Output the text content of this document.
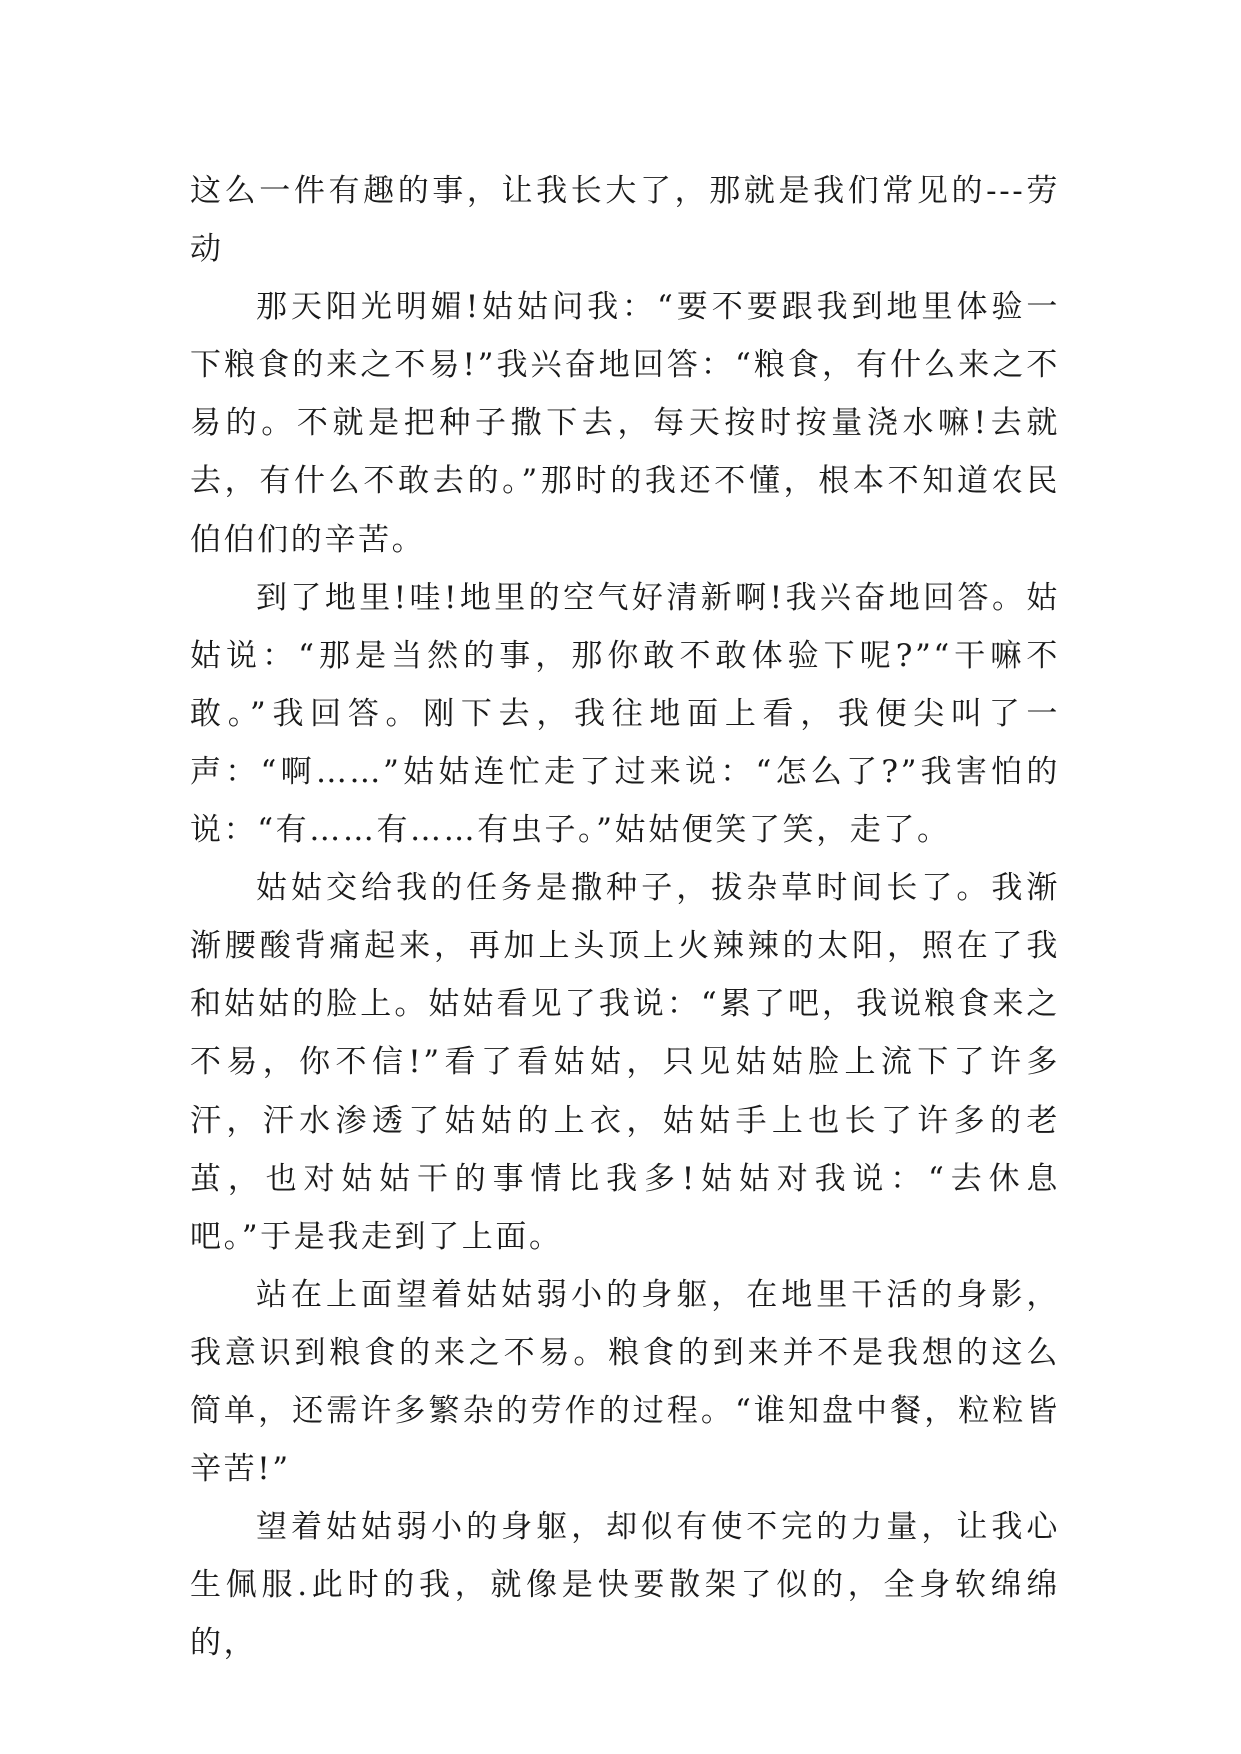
这么一件有趣的事，让我长大了，那就是我们常见的---劳动

那天阳光明媚!姑姑问我：“要不要跟我到地里体验一下粮食的来之不易!”我兴奋地回答：“粮食，有什么来之不易的。不就是把种子撒下去，每天按时按量浇水嘛!去就去，有什么不敢去的。”那时的我还不懂，根本不知道农民伯伯们的辛苦。

到了地里!哇!地里的空气好清新啊!我兴奋地回答。姑姑说：“那是当然的事，那你敢不敢体验下呢?”“干嘛不敢。”我回答。刚下去，我往地面上看，我便尖叫了一声：“啊……”姑姑连忙走了过来说：“怎么了?”我害怕的说：“有……有……有虫子。”姑姑便笑了笑，走了。

姑姑交给我的任务是撒种子，拔杂草时间长了。我渐渐腰酸背痛起来，再加上头顶上火辣辣的太阳，照在了我和姑姑的脸上。姑姑看见了我说：“累了吧，我说粮食来之不易，你不信!”看了看姑姑，只见姑姑脸上流下了许多汗，汗水渗透了姑姑的上衣，姑姑手上也长了许多的老茧，也对姑姑干的事情比我多!姑姑对我说：“去休息吧。”于是我走到了上面。

站在上面望着姑姑弱小的身躯，在地里干活的身影，我意识到粮食的来之不易。粮食的到来并不是我想的这么简单，还需许多繁杂的劳作的过程。“谁知盘中餐，粒粒皆辛苦!”

望着姑姑弱小的身躯，却似有使不完的力量，让我心生佩服.此时的我，就像是快要散架了似的，全身软绵绵的，
